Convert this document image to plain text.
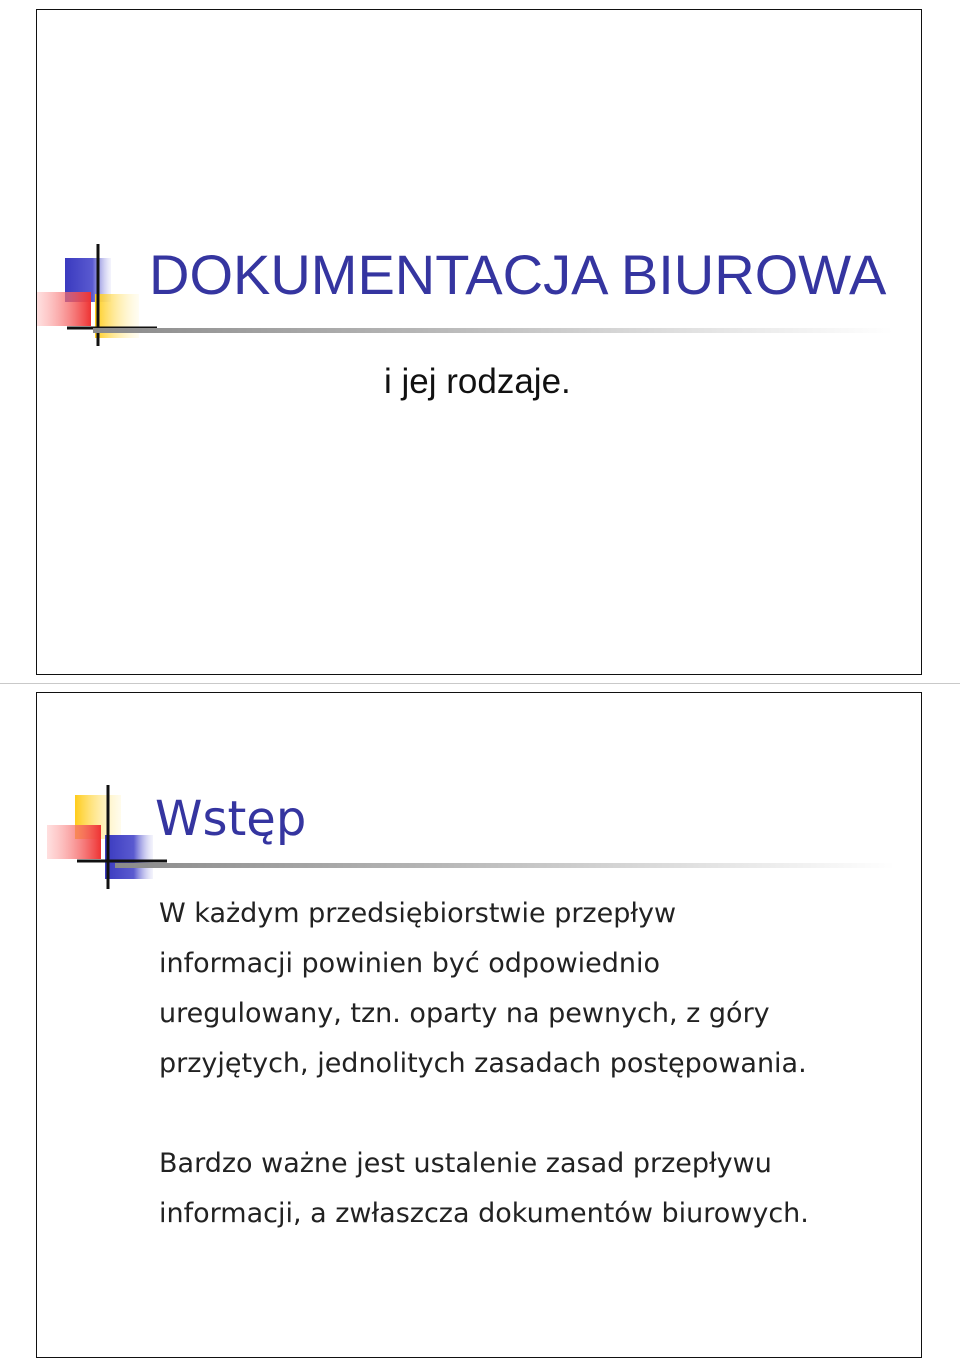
DOKUMENTACJA BIUROWA
i jej rodzaje.
Wstęp
W każdym przedsiębiorstwie przepływ
informacji powinien być odpowiednio
uregulowany, tzn. oparty na pewnych, z góry
przyjętych, jednolitych zasadach postępowania.
Bardzo ważne jest ustalenie zasad przepływu
informacji, a zwłaszcza dokumentów biurowych.
